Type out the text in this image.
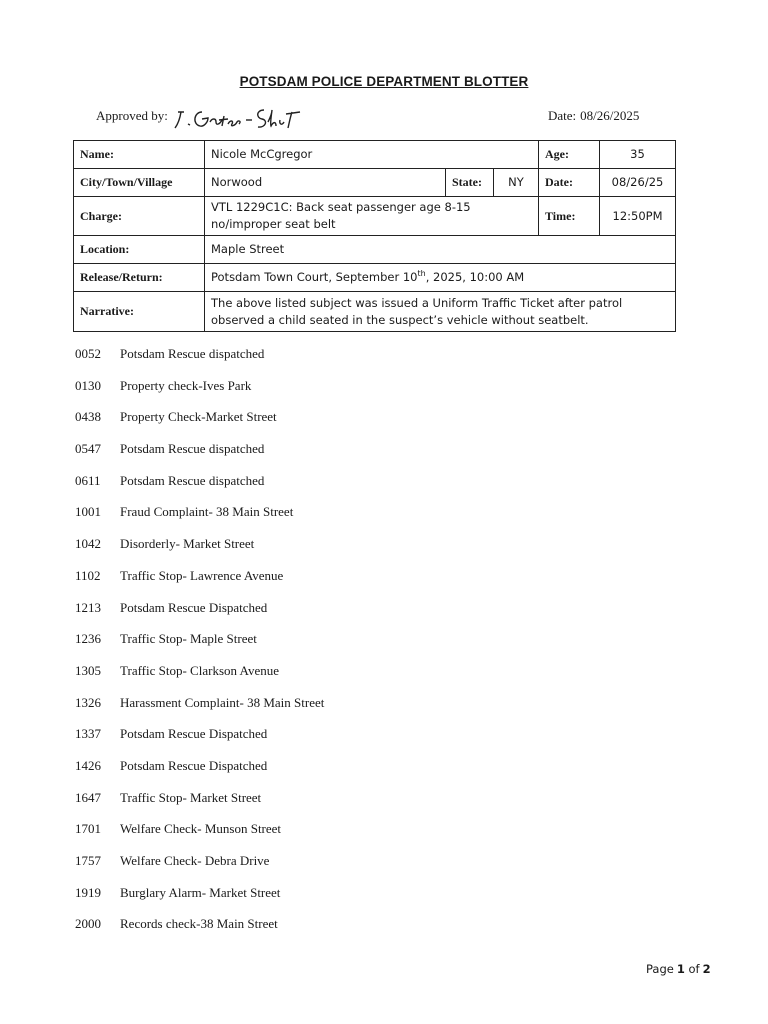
POTSDAM POLICE DEPARTMENT BLOTTER
Approved by:	Date: 08/26/2025
Name:	Nicole McCgregor			Age:	35
City/Town/Village	Norwood	State:	NY	Date:	08/26/25
Charge:	VTL 1229C1C: Back seat passenger age 8-15 no/improper seat belt			Time:	12:50PM
Location:	Maple Street				
Release/Return:	Potsdam Town Court, September 10th, 2025, 10:00 AM				
Narrative:	The above listed subject was issued a Uniform Traffic Ticket after patrol observed a child seated in the suspect’s vehicle without seatbelt.				
0052	Potsdam Rescue dispatched
0130	Property check-Ives Park
0438	Property Check-Market Street
0547	Potsdam Rescue dispatched
0611	Potsdam Rescue dispatched
1001	Fraud Complaint- 38 Main Street
1042	Disorderly- Market Street
1102	Traffic Stop- Lawrence Avenue
1213	Potsdam Rescue Dispatched
1236	Traffic Stop- Maple Street
1305	Traffic Stop- Clarkson Avenue
1326	Harassment Complaint- 38 Main Street
1337	Potsdam Rescue Dispatched
1426	Potsdam Rescue Dispatched
1647	Traffic Stop- Market Street
1701	Welfare Check- Munson Street
1757	Welfare Check- Debra Drive
1919	Burglary Alarm- Market Street
2000	Records check-38 Main Street
Page 1 of 2
